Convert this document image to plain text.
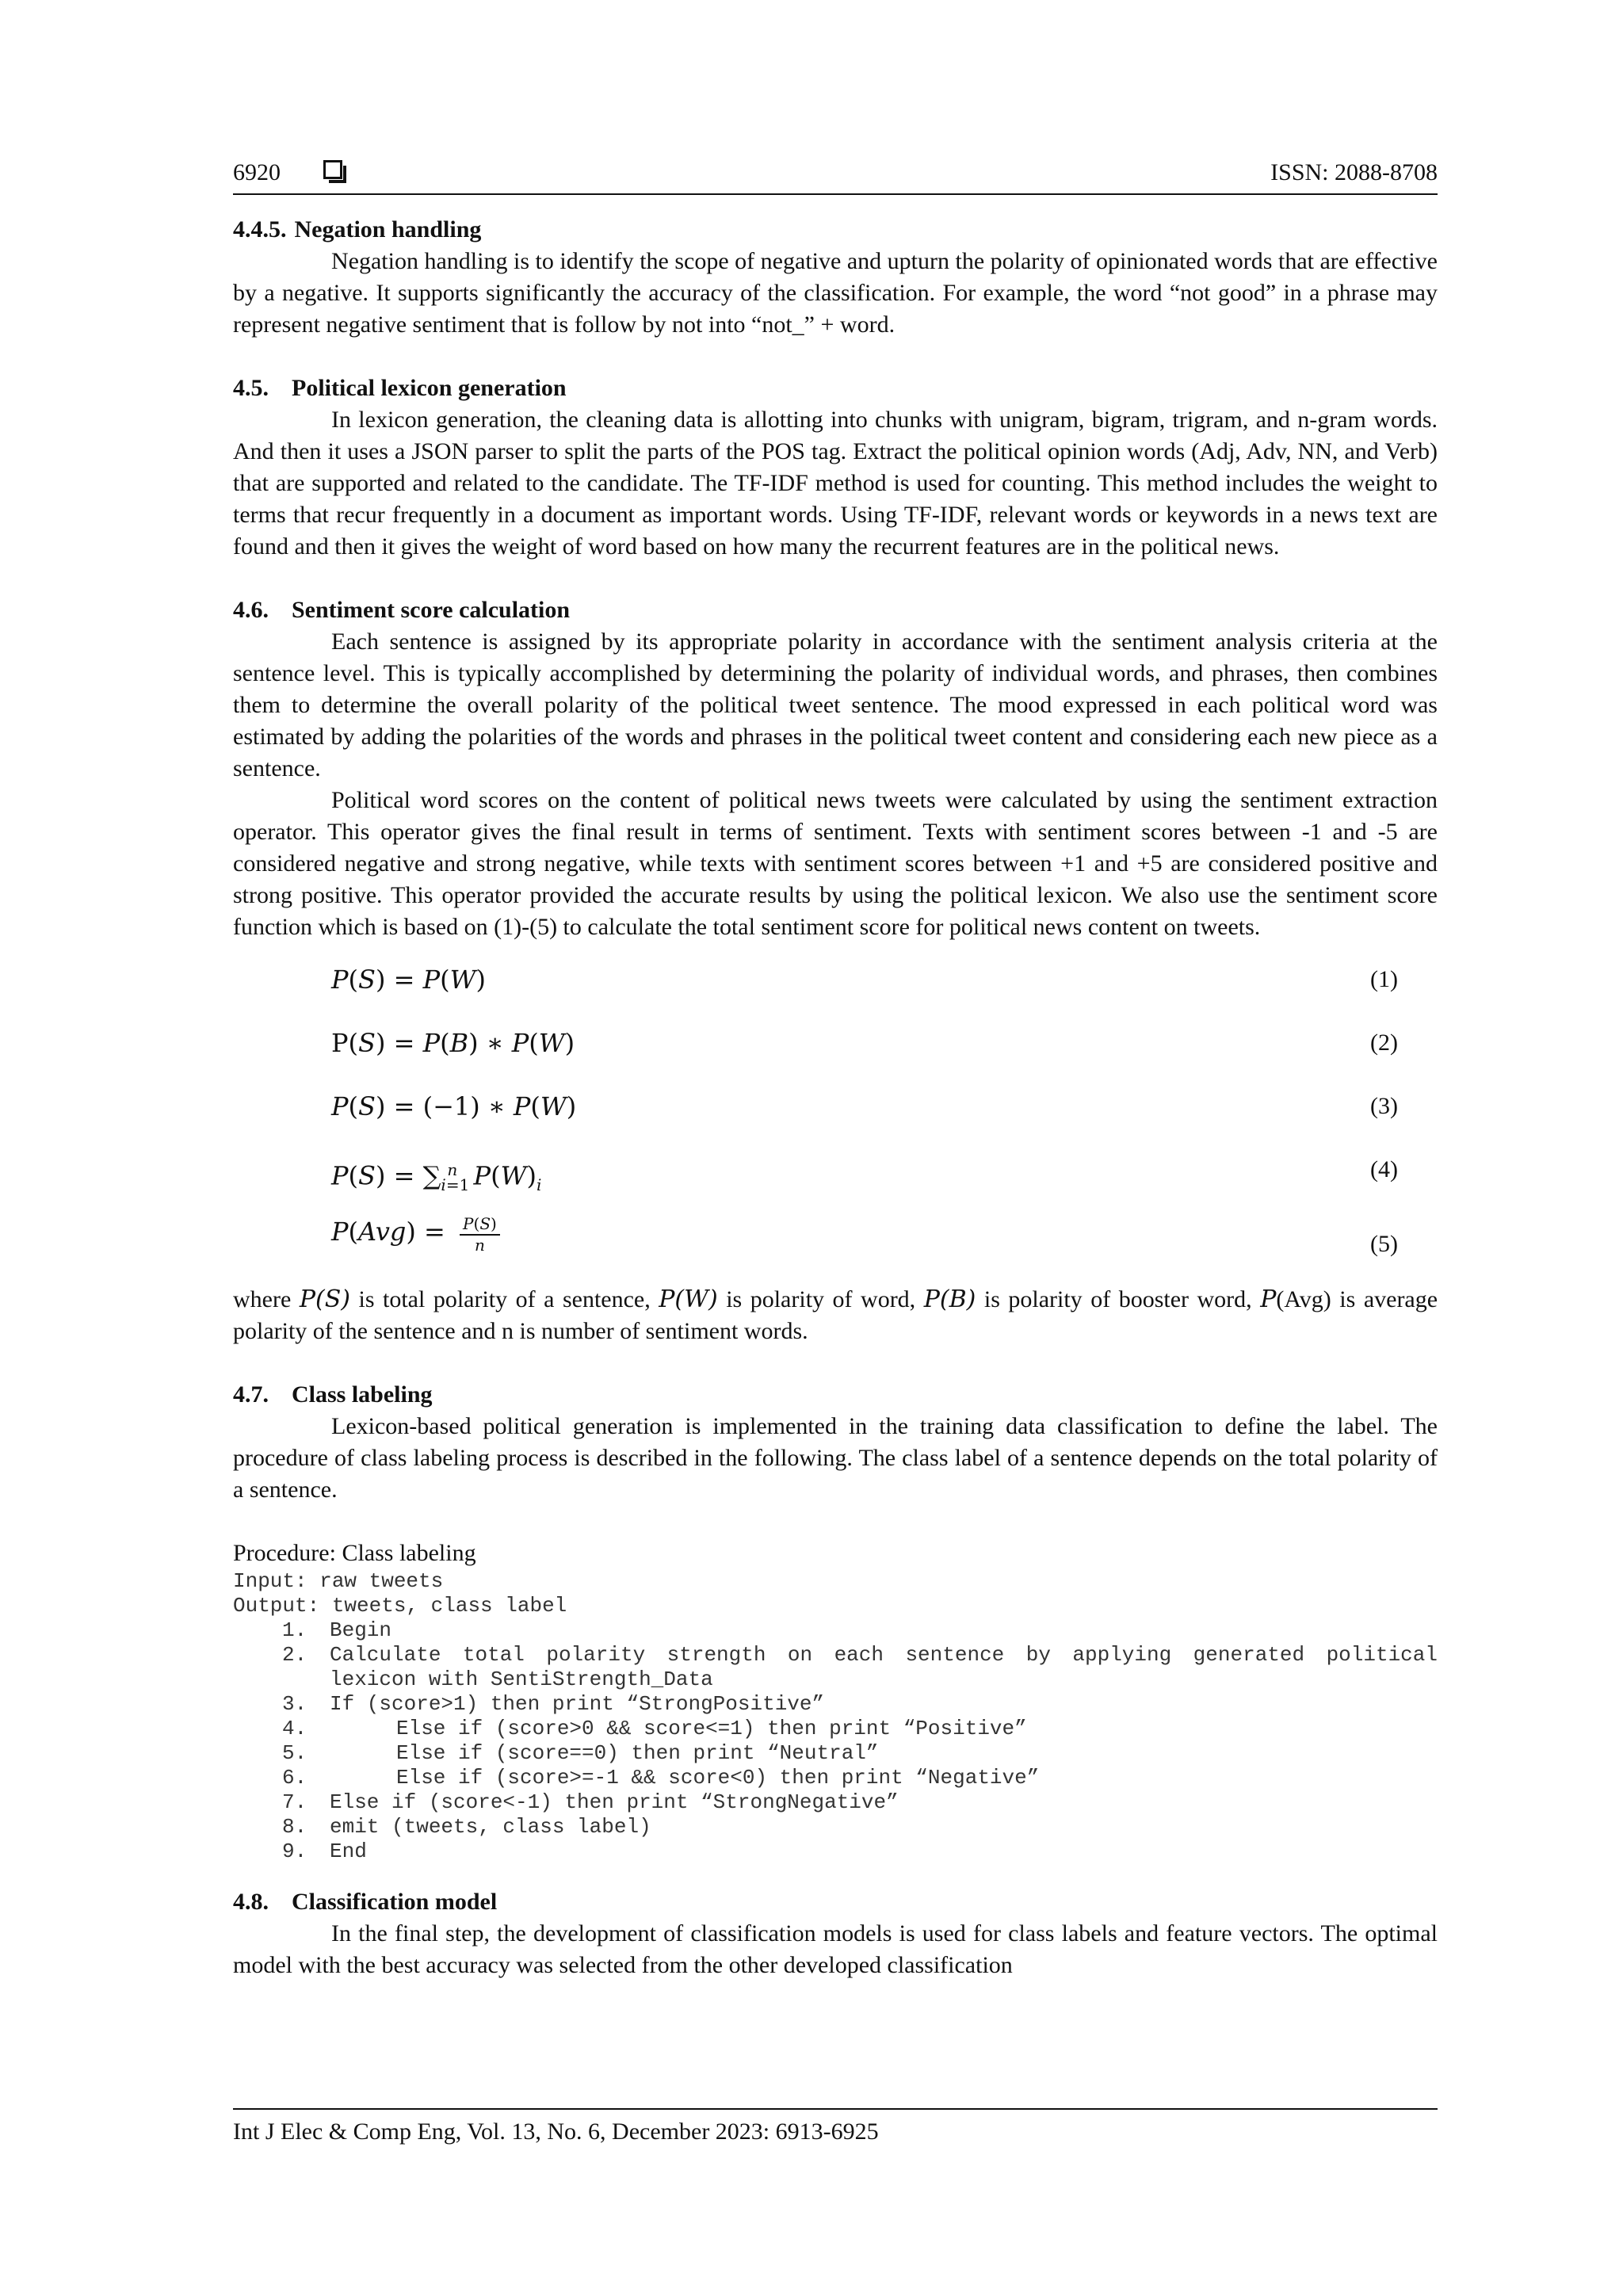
6920	ISSN: 2088-8708
4.4.5. Negation handling

Negation handling is to identify the scope of negative and upturn the polarity of opinionated words that are effective by a negative. It supports significantly the accuracy of the classification. For example, the word “not good” in a phrase may represent negative sentiment that is follow by not into “not_” + word.

4.5. Political lexicon generation

In lexicon generation, the cleaning data is allotting into chunks with unigram, bigram, trigram, and n-gram words. And then it uses a JSON parser to split the parts of the POS tag. Extract the political opinion words (Adj, Adv, NN, and Verb) that are supported and related to the candidate. The TF-IDF method is used for counting. This method includes the weight to terms that recur frequently in a document as important words. Using TF-IDF, relevant words or keywords in a news text are found and then it gives the weight of word based on how many the recurrent features are in the political news.

4.6. Sentiment score calculation

Each sentence is assigned by its appropriate polarity in accordance with the sentiment analysis criteria at the sentence level. This is typically accomplished by determining the polarity of individual words, and phrases, then combines them to determine the overall polarity of the political tweet sentence. The mood expressed in each political word was estimated by adding the polarities of the words and phrases in the political tweet content and considering each new piece as a sentence.

Political word scores on the content of political news tweets were calculated by using the sentiment extraction operator. This operator gives the final result in terms of sentiment. Texts with sentiment scores between -1 and -5 are considered negative and strong negative, while texts with sentiment scores between +1 and +5 are considered positive and strong positive. This operator provided the accurate results by using the political lexicon. We also use the sentiment score function which is based on (1)-(5) to calculate the total sentiment score for political news content on tweets.

P(S) = P(W)	(1)
P(S) = P(B) ∗ P(W)	(2)
P(S) = (−1) ∗ P(W)	(3)
$P(S) = \sum_{i=1}^n$ $P(W)_i$
(4)
$P(Avg) = \frac{P(S)}{n}$	(5)

where P(S) is total polarity of a sentence, P(W) is polarity of word, P(B) is polarity of booster word, P(Avg) is average polarity of the sentence and n is number of sentiment words.

4.7. Class labeling

Lexicon-based political generation is implemented in the training data classification to define the label. The procedure of class labeling process is described in the following. The class label of a sentence depends on the total polarity of a sentence.

Procedure: Class labeling

Input: raw tweets
Output: tweets, class label
1. Begin
2. Calculate total polarity strength on each sentence by applying generated political lexicon with SentiStrength_Data
3. If (score>1) then print “StrongPositive”
4.	Else if (score>0 && score<=1) then print “Positive”
5.	Else if (score==0) then print “Neutral”
6.	Else if (score>=-1 && score<0) then print “Negative”
7. Else if (score<-1) then print “StrongNegative”
8. emit (tweets, class label)
9. End
4.8. Classification model

In the final step, the development of classification models is used for class labels and feature vectors. The optimal model with the best accuracy was selected from the other developed classification

Int J Elec & Comp Eng, Vol. 13, No. 6, December 2023: 6913-6925
